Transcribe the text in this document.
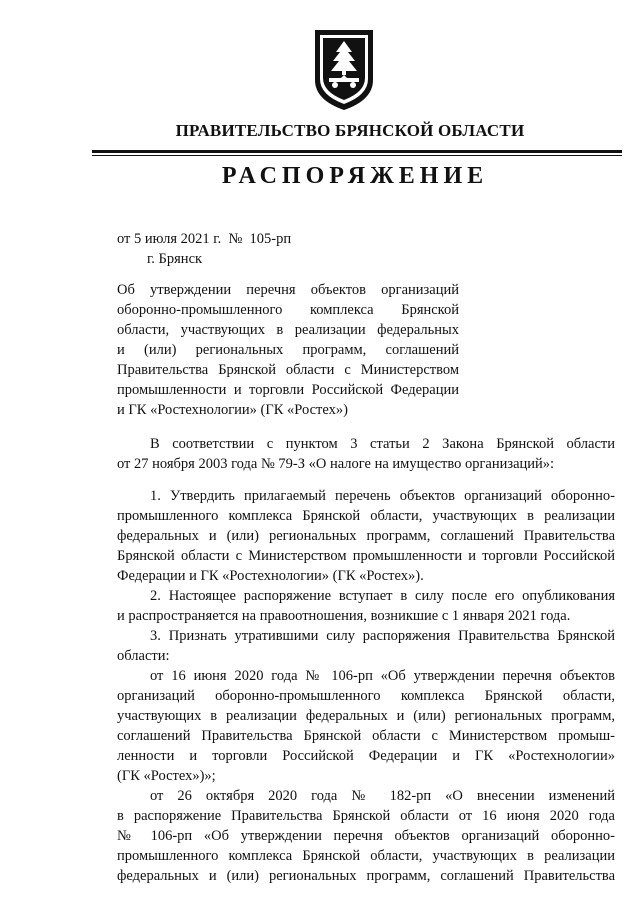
ПРАВИТЕЛЬСТВО БРЯНСКОЙ ОБЛАСТИ
РАСПОРЯЖЕНИЕ
от 5 июля 2021 г.  №  105-рп
г. Брянск
Об утверждении перечня объектов организаций
оборонно-промышленного комплекса Брянской
области, участвующих в реализации федеральных
и (или) региональных программ, соглашений
Правительства Брянской области с Министерством
промышленности и торговли Российской Федерации
и ГК «Ростехнологии» (ГК «Ростех»)
В соответствии с пунктом 3 статьи 2 Закона Брянской области
от 27 ноября 2003 года № 79-З «О налоге на имущество организаций»:
1. Утвердить прилагаемый перечень объектов организаций оборонно-
промышленного комплекса Брянской области, участвующих в реализации
федеральных и (или) региональных программ, соглашений Правительства
Брянской области с Министерством промышленности и торговли Российской
Федерации и ГК «Ростехнологии» (ГК «Ростех»).
2. Настоящее распоряжение вступает в силу после его опубликования
и распространяется на правоотношения, возникшие с 1 января 2021 года.
3. Признать утратившими силу распоряжения Правительства Брянской
области:
от 16 июня 2020 года № 106-рп «Об утверждении перечня объектов
организаций оборонно-промышленного комплекса Брянской области,
участвующих в реализации федеральных и (или) региональных программ,
соглашений Правительства Брянской области с Министерством промыш-
ленности и торговли Российской Федерации и ГК «Ростехнологии»
(ГК «Ростех»)»;
от 26 октября 2020 года № 182-рп «О внесении изменений
в распоряжение Правительства Брянской области от 16 июня 2020 года
№ 106-рп «Об утверждении перечня объектов организаций оборонно-
промышленного комплекса Брянской области, участвующих в реализации
федеральных и (или) региональных программ, соглашений Правительства
